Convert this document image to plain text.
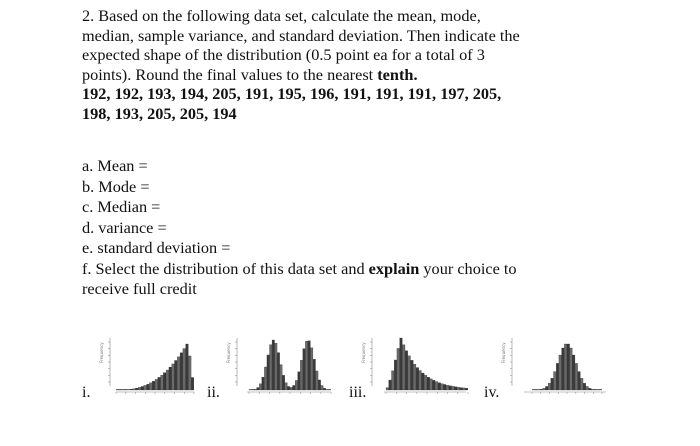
2. Based on the following data set, calculate the mean, mode,
median, sample variance, and standard deviation. Then indicate the
expected shape of the distribution (0.5 point ea for a total of 3
points). Round the final values to the nearest tenth.

192, 192, 193, 194, 205, 191, 195, 196, 191, 191, 191, 197, 205,
198, 193, 205, 205, 194

a. Mean =
b. Mode =
c. Median =
d. variance =
e. standard deviation =
f. Select the distribution of this data set and explain your choice to
receive full credit
i.	ii.	iii.	iv.
Frequency	Frequency	Frequency	Frequency
